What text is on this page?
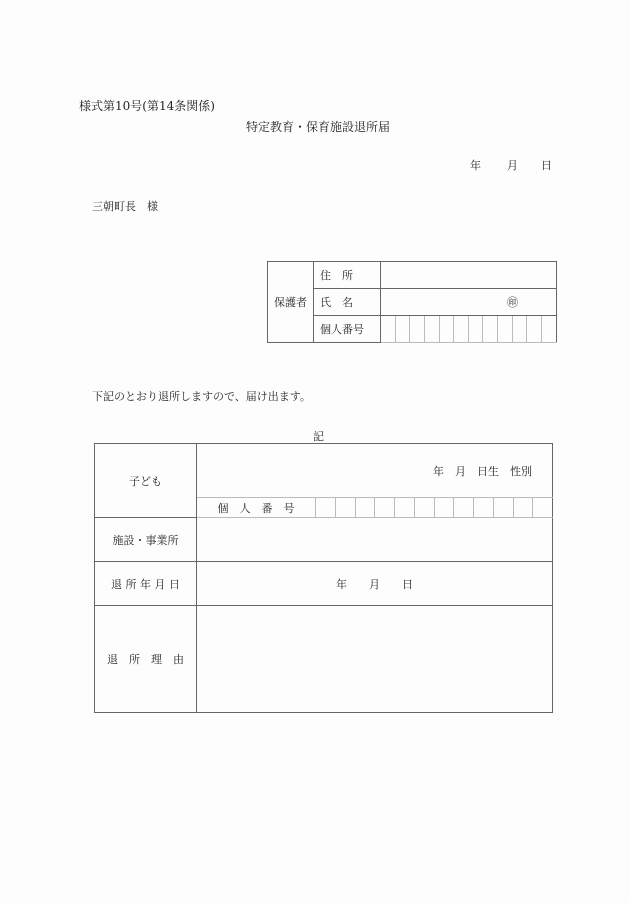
様式第10号(第14条関係)
特定教育・保育施設退所届
年 月 日
三朝町長　様
保護者	住　所												
	氏　名	㊞											
	個人番号												
下記のとおり退所しますので、届け出ます。
記
子ども	年　月　日生　性別												
	個　人　番　号												
施設・事業所													
退 所 年 月 日	年　　月　　日												
退　所　理　由													
